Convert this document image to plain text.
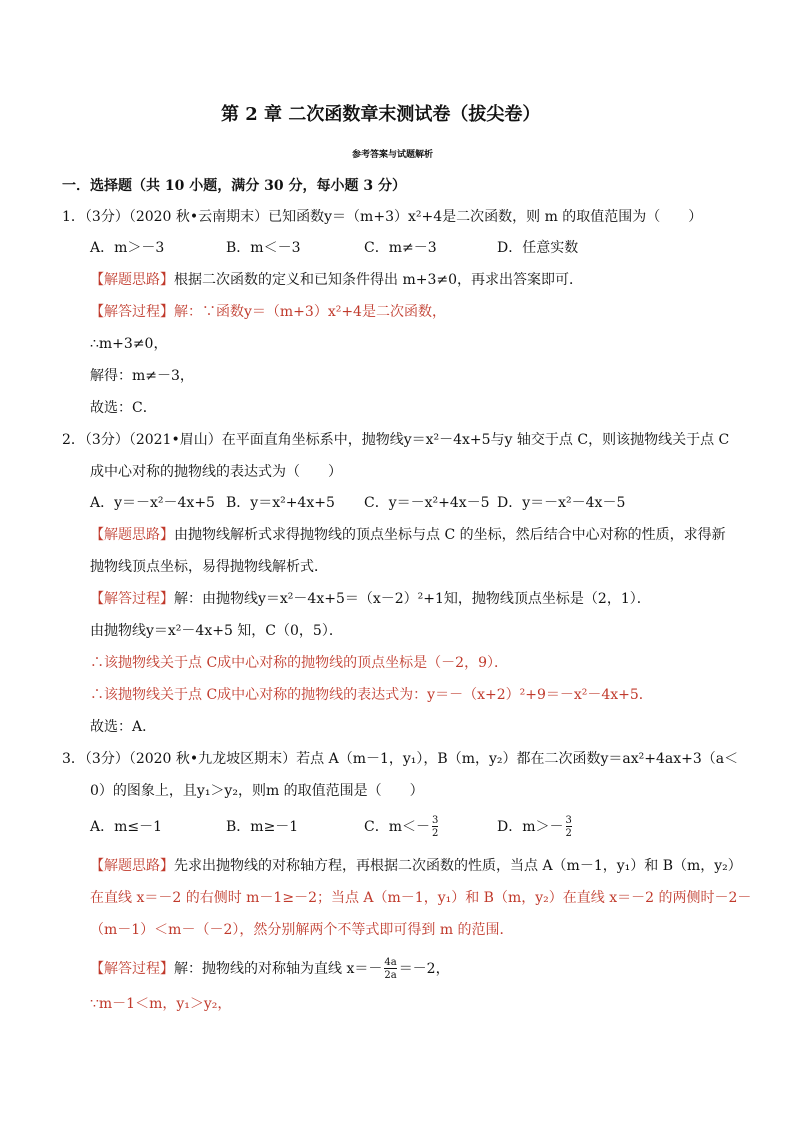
第 2 章 二次函数章末测试卷（拔尖卷）
参考答案与试题解析
一．选择题（共 10 小题，满分 30 分，每小题 3 分）
1．（3分）（2020 秋•云南期末）已知函数y＝（m+3）x²+4是二次函数，则 m 的取值范围为（　　）
A．m＞－3	B．m＜－3	C．m≠－3	D．任意实数
【解题思路】根据二次函数的定义和已知条件得出 m+3≠0，再求出答案即可．
【解答过程】解：∵函数y＝（m+3）x²+4是二次函数，
∴m+3≠0，
解得：m≠－3，
故选：C．
2．（3分）（2021•眉山）在平面直角坐标系中，抛物线y＝x²－4x+5与y 轴交于点 C，则该抛物线关于点 C
成中心对称的抛物线的表达式为（　　）
A．y＝－x²－4x+5 B．y＝x²+4x+5 C．y＝－x²+4x－5 D．y＝－x²－4x－5
【解题思路】由抛物线解析式求得抛物线的顶点坐标与点 C 的坐标，然后结合中心对称的性质，求得新
抛物线顶点坐标，易得抛物线解析式．
【解答过程】解：由抛物线y＝x²－4x+5＝（x－2）²+1知，抛物线顶点坐标是（2，1）．
由抛物线y＝x²－4x+5 知，C（0，5）．
∴该抛物线关于点 C成中心对称的抛物线的顶点坐标是（－2，9）．
∴该抛物线关于点 C成中心对称的抛物线的表达式为：y＝－（x+2）²+9＝－x²－4x+5．
故选：A．
3．（3分）（2020 秋•九龙坡区期末）若点 A（m－1，y₁），B（m，y₂）都在二次函数y＝ax²+4ax+3（a＜
0）的图象上，且y₁＞y₂，则m 的取值范围是（　　）
A．m≤－1	B．m≥－1	C．$m<- \frac{3}{2}$	D．$m>- \frac{3}{2}$
【解题思路】先求出抛物线的对称轴方程，再根据二次函数的性质，当点 A（m－1，y₁）和 B（m，y₂）
在直线 x＝－2 的右侧时 m－1≥－2；当点 A（m－1，y₁）和 B（m，y₂）在直线 x＝－2 的两侧时－2－
（m－1）＜m－（－2），然分别解两个不等式即可得到 m 的范围．
【解答过程】解：抛物线的对称轴为直线 $x=- \frac{4a}{2a} =-2$，
∵m－1＜m，y₁＞y₂，
